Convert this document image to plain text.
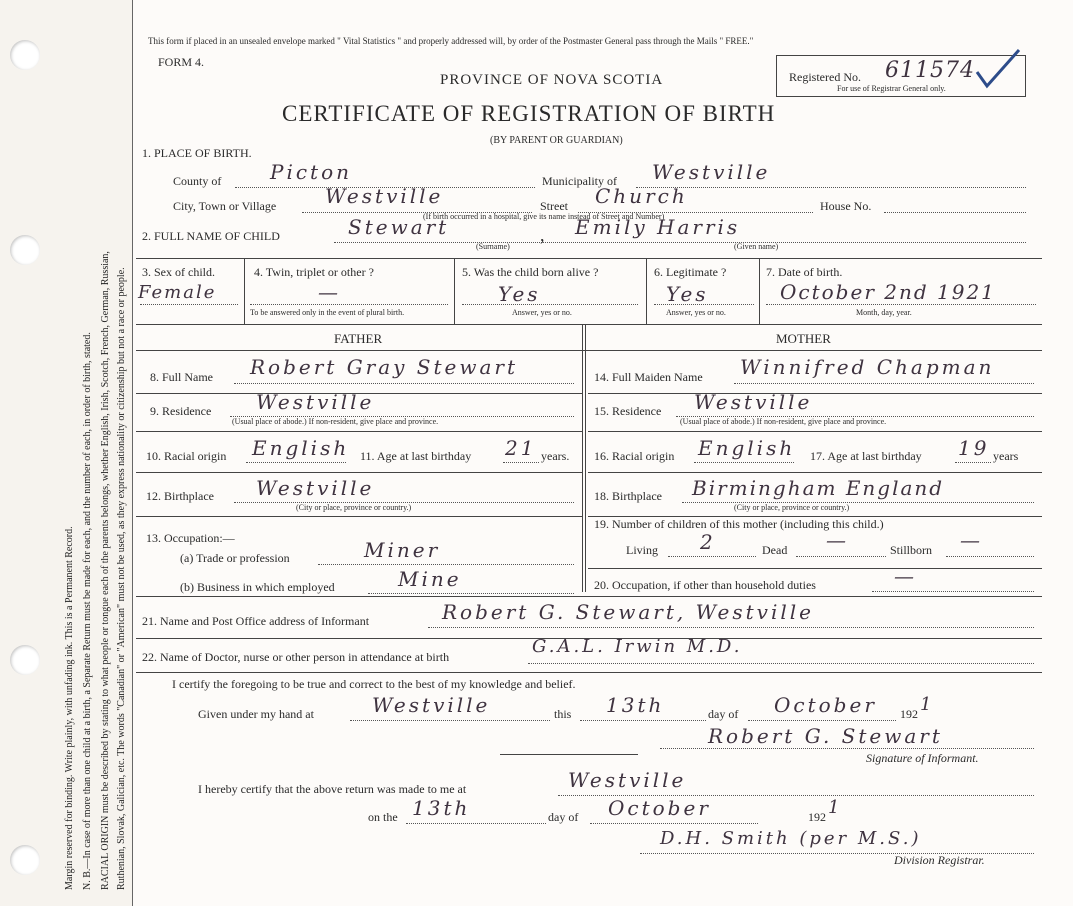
Margin reserved for binding. Write plainly, with unfading ink. This is a Permanent Record. N. B.—In case of more than one child at a birth, a Separate Return must be made for each, and the number of each, in order of birth, stated. RACIAL ORIGIN must be described by stating to what people or tongue each of the parents belongs, whether English, Irish, Scotch, French, German, Russian, Ruthenian, Slovak, Galician, etc. The words "Canadian" or "American" must not be used, as they express nationality or citizenship but not a race or people.
This form if placed in an unsealed envelope marked " Vital Statistics " and properly addressed will, by order of the Postmaster General pass through the Mails " FREE."
FORM 4.
PROVINCE OF NOVA SCOTIA
CERTIFICATE OF REGISTRATION OF BIRTH
(BY PARENT OR GUARDIAN)
Registered No. 611574
For use of Registrar General only.
1. PLACE OF BIRTH.
County of Picton	Municipality of Westville
City, Town or Village Westville	Street Church	House No.
(If birth occurred in a hospital, give its name instead of Street and Number)
2. FULL NAME OF CHILD	Stewart	, Emily Harris
(Surname)	(Given name)
3. Sex of child.
Female
4. Twin, triplet or other ?
—
To be answered only in the event of plural birth.
5. Was the child born alive ?
Yes
Answer, yes or no.
6. Legitimate ?
Yes
Answer, yes or no.
7. Date of birth.
October 2nd 1921
Month, day, year.
FATHER	MOTHER
8. Full Name Robert Gray Stewart
9. Residence Westville
(Usual place of abode.) If non-resident, give place and province.
10. Racial origin English 11. Age at last birthday 21 years.
12. Birthplace Westville
(City or place, province or country.)
13. Occupation:—
(a) Trade or profession	Miner
(b) Business in which employed	Mine
14. Full Maiden Name Winnifred Chapman
15. Residence Westville
(Usual place of abode.) If non-resident, give place and province.
16. Racial origin English 17. Age at last birthday 19 years
18. Birthplace Birmingham England
(City or place, province or country.)
19. Number of children of this mother (including this child.)
Living 2	Dead —	Stillborn —
20. Occupation, if other than household duties	—
21. Name and Post Office address of Informant	Robert G. Stewart, Westville
22. Name of Doctor, nurse or other person in attendance at birth	G.A.L. Irwin M.D.
I certify the foregoing to be true and correct to the best of my knowledge and belief.
Given under my hand at	Westville	this 13th	day of October 192 1
Robert G. Stewart
Signature of Informant.
I hereby certify that the above return was made to me at	Westville
on the 13th	day of October	192 1
D.H. Smith (per M.S.)
Division Registrar.
